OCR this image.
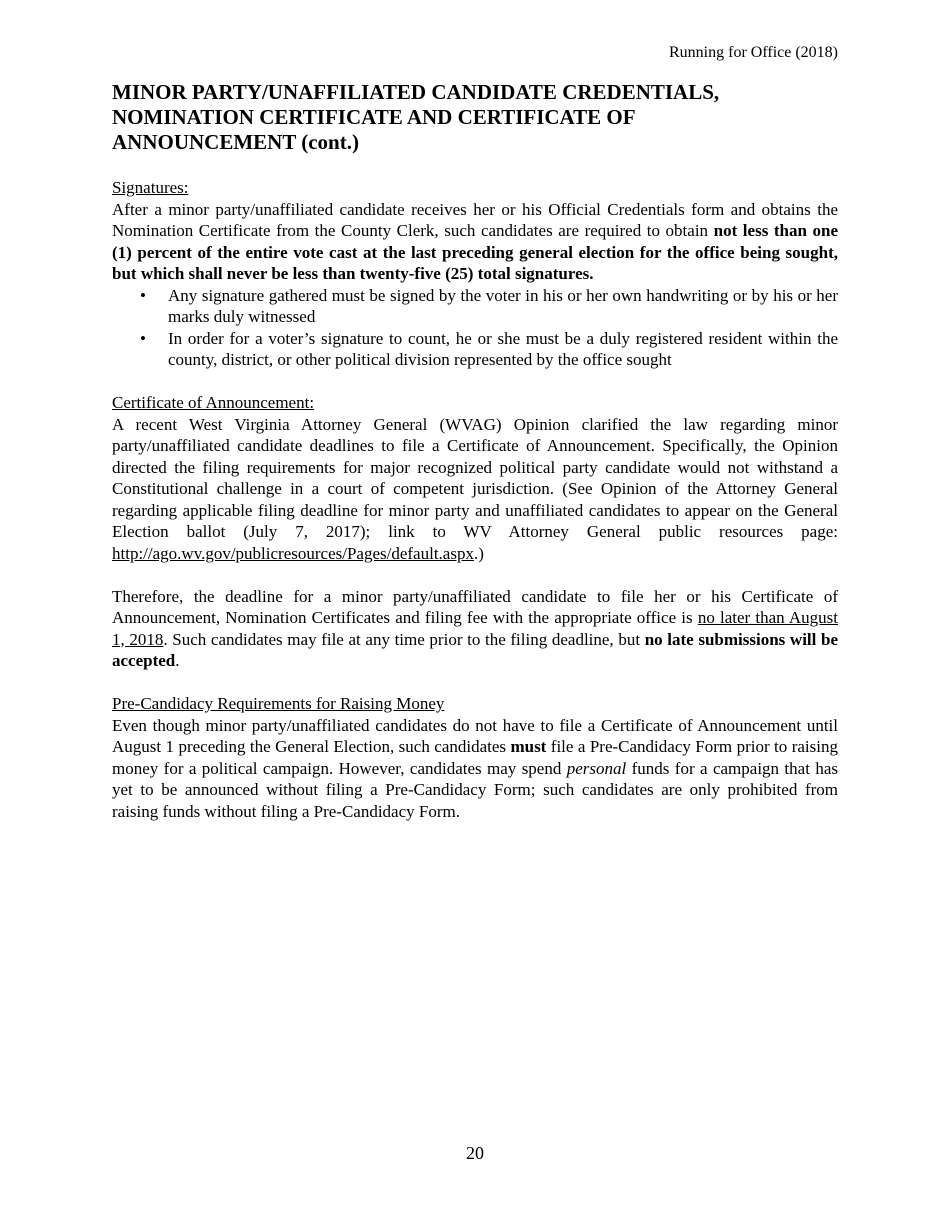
Running for Office (2018)
MINOR PARTY/UNAFFILIATED CANDIDATE CREDENTIALS,
NOMINATION CERTIFICATE AND CERTIFICATE OF
ANNOUNCEMENT (cont.)
Signatures:

After a minor party/unaffiliated candidate receives her or his Official Credentials form and obtains the Nomination Certificate from the County Clerk, such candidates are required to obtain not less than one (1) percent of the entire vote cast at the last preceding general election for the office being sought, but which shall never be less than twenty-five (25) total signatures.

• Any signature gathered must be signed by the voter in his or her own handwriting or by his or her marks duly witnessed
• In order for a voter’s signature to count, he or she must be a duly registered resident within the county, district, or other political division represented by the office sought
Certificate of Announcement:

A recent West Virginia Attorney General (WVAG) Opinion clarified the law regarding minor party/unaffiliated candidate deadlines to file a Certificate of Announcement. Specifically, the Opinion directed the filing requirements for major recognized political party candidate would not withstand a Constitutional challenge in a court of competent jurisdiction. (See Opinion of the Attorney General regarding applicable filing deadline for minor party and unaffiliated candidates to appear on the General Election ballot (July 7, 2017); link to WV Attorney General public resources page: http://ago.wv.gov/publicresources/Pages/default.aspx.)

Therefore, the deadline for a minor party/unaffiliated candidate to file her or his Certificate of Announcement, Nomination Certificates and filing fee with the appropriate office is no later than August 1, 2018. Such candidates may file at any time prior to the filing deadline, but no late submissions will be accepted.

Pre-Candidacy Requirements for Raising Money

Even though minor party/unaffiliated candidates do not have to file a Certificate of Announcement until August 1 preceding the General Election, such candidates must file a Pre-Candidacy Form prior to raising money for a political campaign. However, candidates may spend personal funds for a campaign that has yet to be announced without filing a Pre-Candidacy Form; such candidates are only prohibited from raising funds without filing a Pre-Candidacy Form.

20
